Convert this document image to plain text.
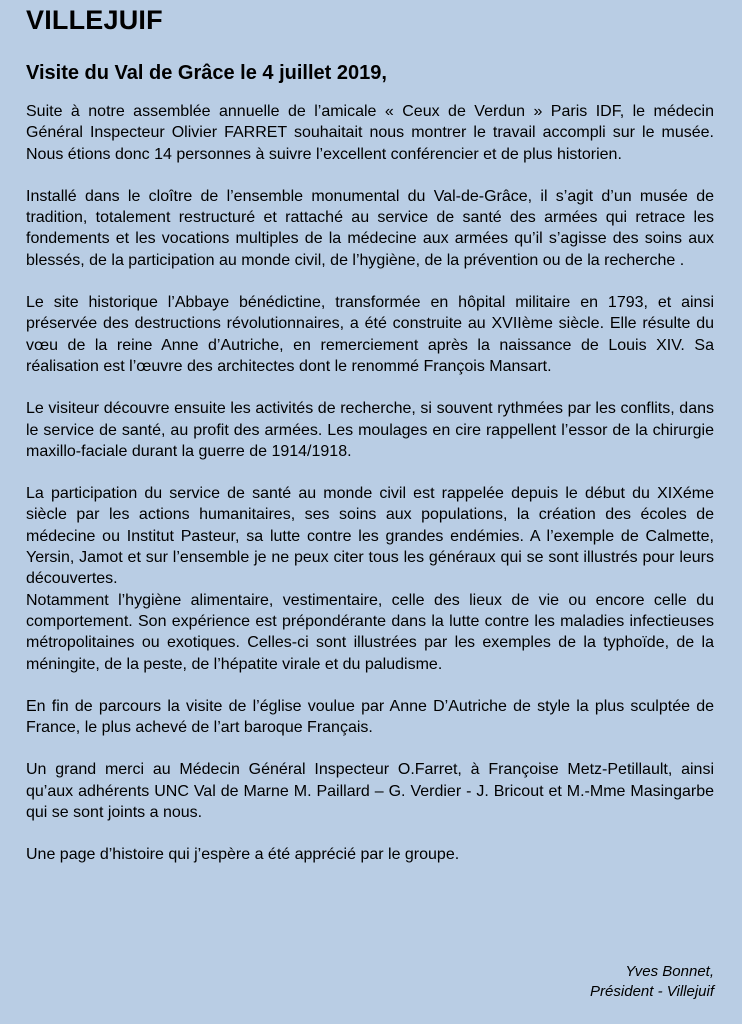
VILLEJUIF
Visite du Val de Grâce le 4 juillet 2019,

Suite à notre assemblée annuelle de l’amicale « Ceux de Verdun » Paris IDF, le médecin Général Inspecteur Olivier FARRET souhaitait nous montrer le travail accompli sur le musée. Nous étions donc 14 personnes à suivre l’excellent conférencier et de plus historien.

Installé dans le cloître de l’ensemble monumental du Val-de-Grâce, il s’agit d’un musée de tradition, totalement restructuré et rattaché au service de santé des armées qui retrace les fondements et les vocations multiples de la médecine aux armées qu’il s’agisse des soins aux blessés, de la participation au monde civil, de l’hygiène, de la prévention ou de la recherche .

Le site historique l’Abbaye bénédictine, transformée en hôpital militaire en 1793, et ainsi préservée des destructions révolutionnaires, a été construite au XVIIème siècle. Elle résulte du vœu de la reine Anne d’Autriche, en remerciement après la naissance de Louis XIV. Sa réalisation est l’œuvre des architectes dont le renommé François Mansart.

Le visiteur découvre ensuite les activités de recherche, si souvent rythmées par les conflits, dans le service de santé, au profit des armées. Les moulages en cire rappellent l’essor de la chirurgie maxillo-faciale durant la guerre de 1914/1918.

La participation du service de santé au monde civil est rappelée depuis le début du XIXéme siècle par les actions humanitaires, ses soins aux populations, la création des écoles de médecine ou Institut Pasteur, sa lutte contre les grandes endémies. A l’exemple de Calmette, Yersin, Jamot et sur l’ensemble je ne peux citer tous les généraux qui se sont illustrés pour leurs découvertes.

Notamment l’hygiène alimentaire, vestimentaire, celle des lieux de vie ou encore celle du comportement. Son expérience est prépondérante dans la lutte contre les maladies infectieuses métropolitaines ou exotiques. Celles-ci sont illustrées par les exemples de la typhoïde, de la méningite, de la peste, de l’hépatite virale et du paludisme.

En fin de parcours la visite de l’église voulue par Anne D’Autriche de style la plus sculptée de France, le plus achevé de l’art baroque Français.

Un grand merci au Médecin Général Inspecteur O.Farret, à Françoise Metz-Petillault, ainsi qu’aux adhérents UNC Val de Marne M. Paillard – G. Verdier - J. Bricout et M.-Mme Masingarbe qui se sont joints a nous.

Une page d’histoire qui j’espère a été apprécié par le groupe.

Yves Bonnet,
Président - Villejuif
